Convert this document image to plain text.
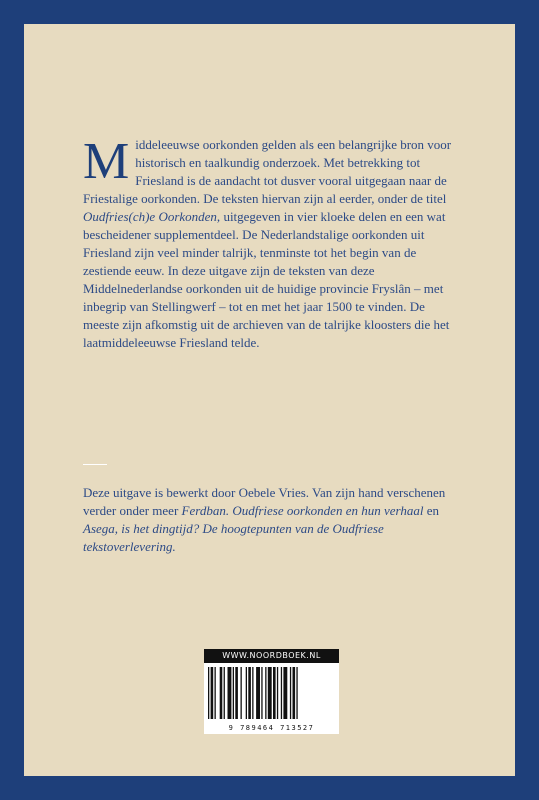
Middeleeuwse oorkonden gelden als een belangrijke bron voor historisch en taalkundig onderzoek. Met betrekking tot Friesland is de aandacht tot dusver vooral uitgegaan naar de Friestalige oorkonden. De teksten hiervan zijn al eerder, onder de titel Oudfries(ch)e Oorkonden, uitgegeven in vier kloeke delen en een wat bescheidener supplementdeel. De Nederlandstalige oorkonden uit Friesland zijn veel minder talrijk, tenminste tot het begin van de zestiende eeuw. In deze uitgave zijn de teksten van deze Middelnederlandse oorkonden uit de huidige provincie Fryslân – met inbegrip van Stellingwerf – tot en met het jaar 1500 te vinden. De meeste zijn afkomstig uit de archieven van de talrijke kloosters die het laatmiddeleeuwse Friesland telde.

Deze uitgave is bewerkt door Oebele Vries. Van zijn hand verschenen verder onder meer Ferdban. Oudfriese oorkonden en hun verhaal en Asega, is het dingtijd? De hoogtepunten van de Oudfriese tekstoverlevering.
WWW.NOORDBOEK.NL
9 789464 713527
